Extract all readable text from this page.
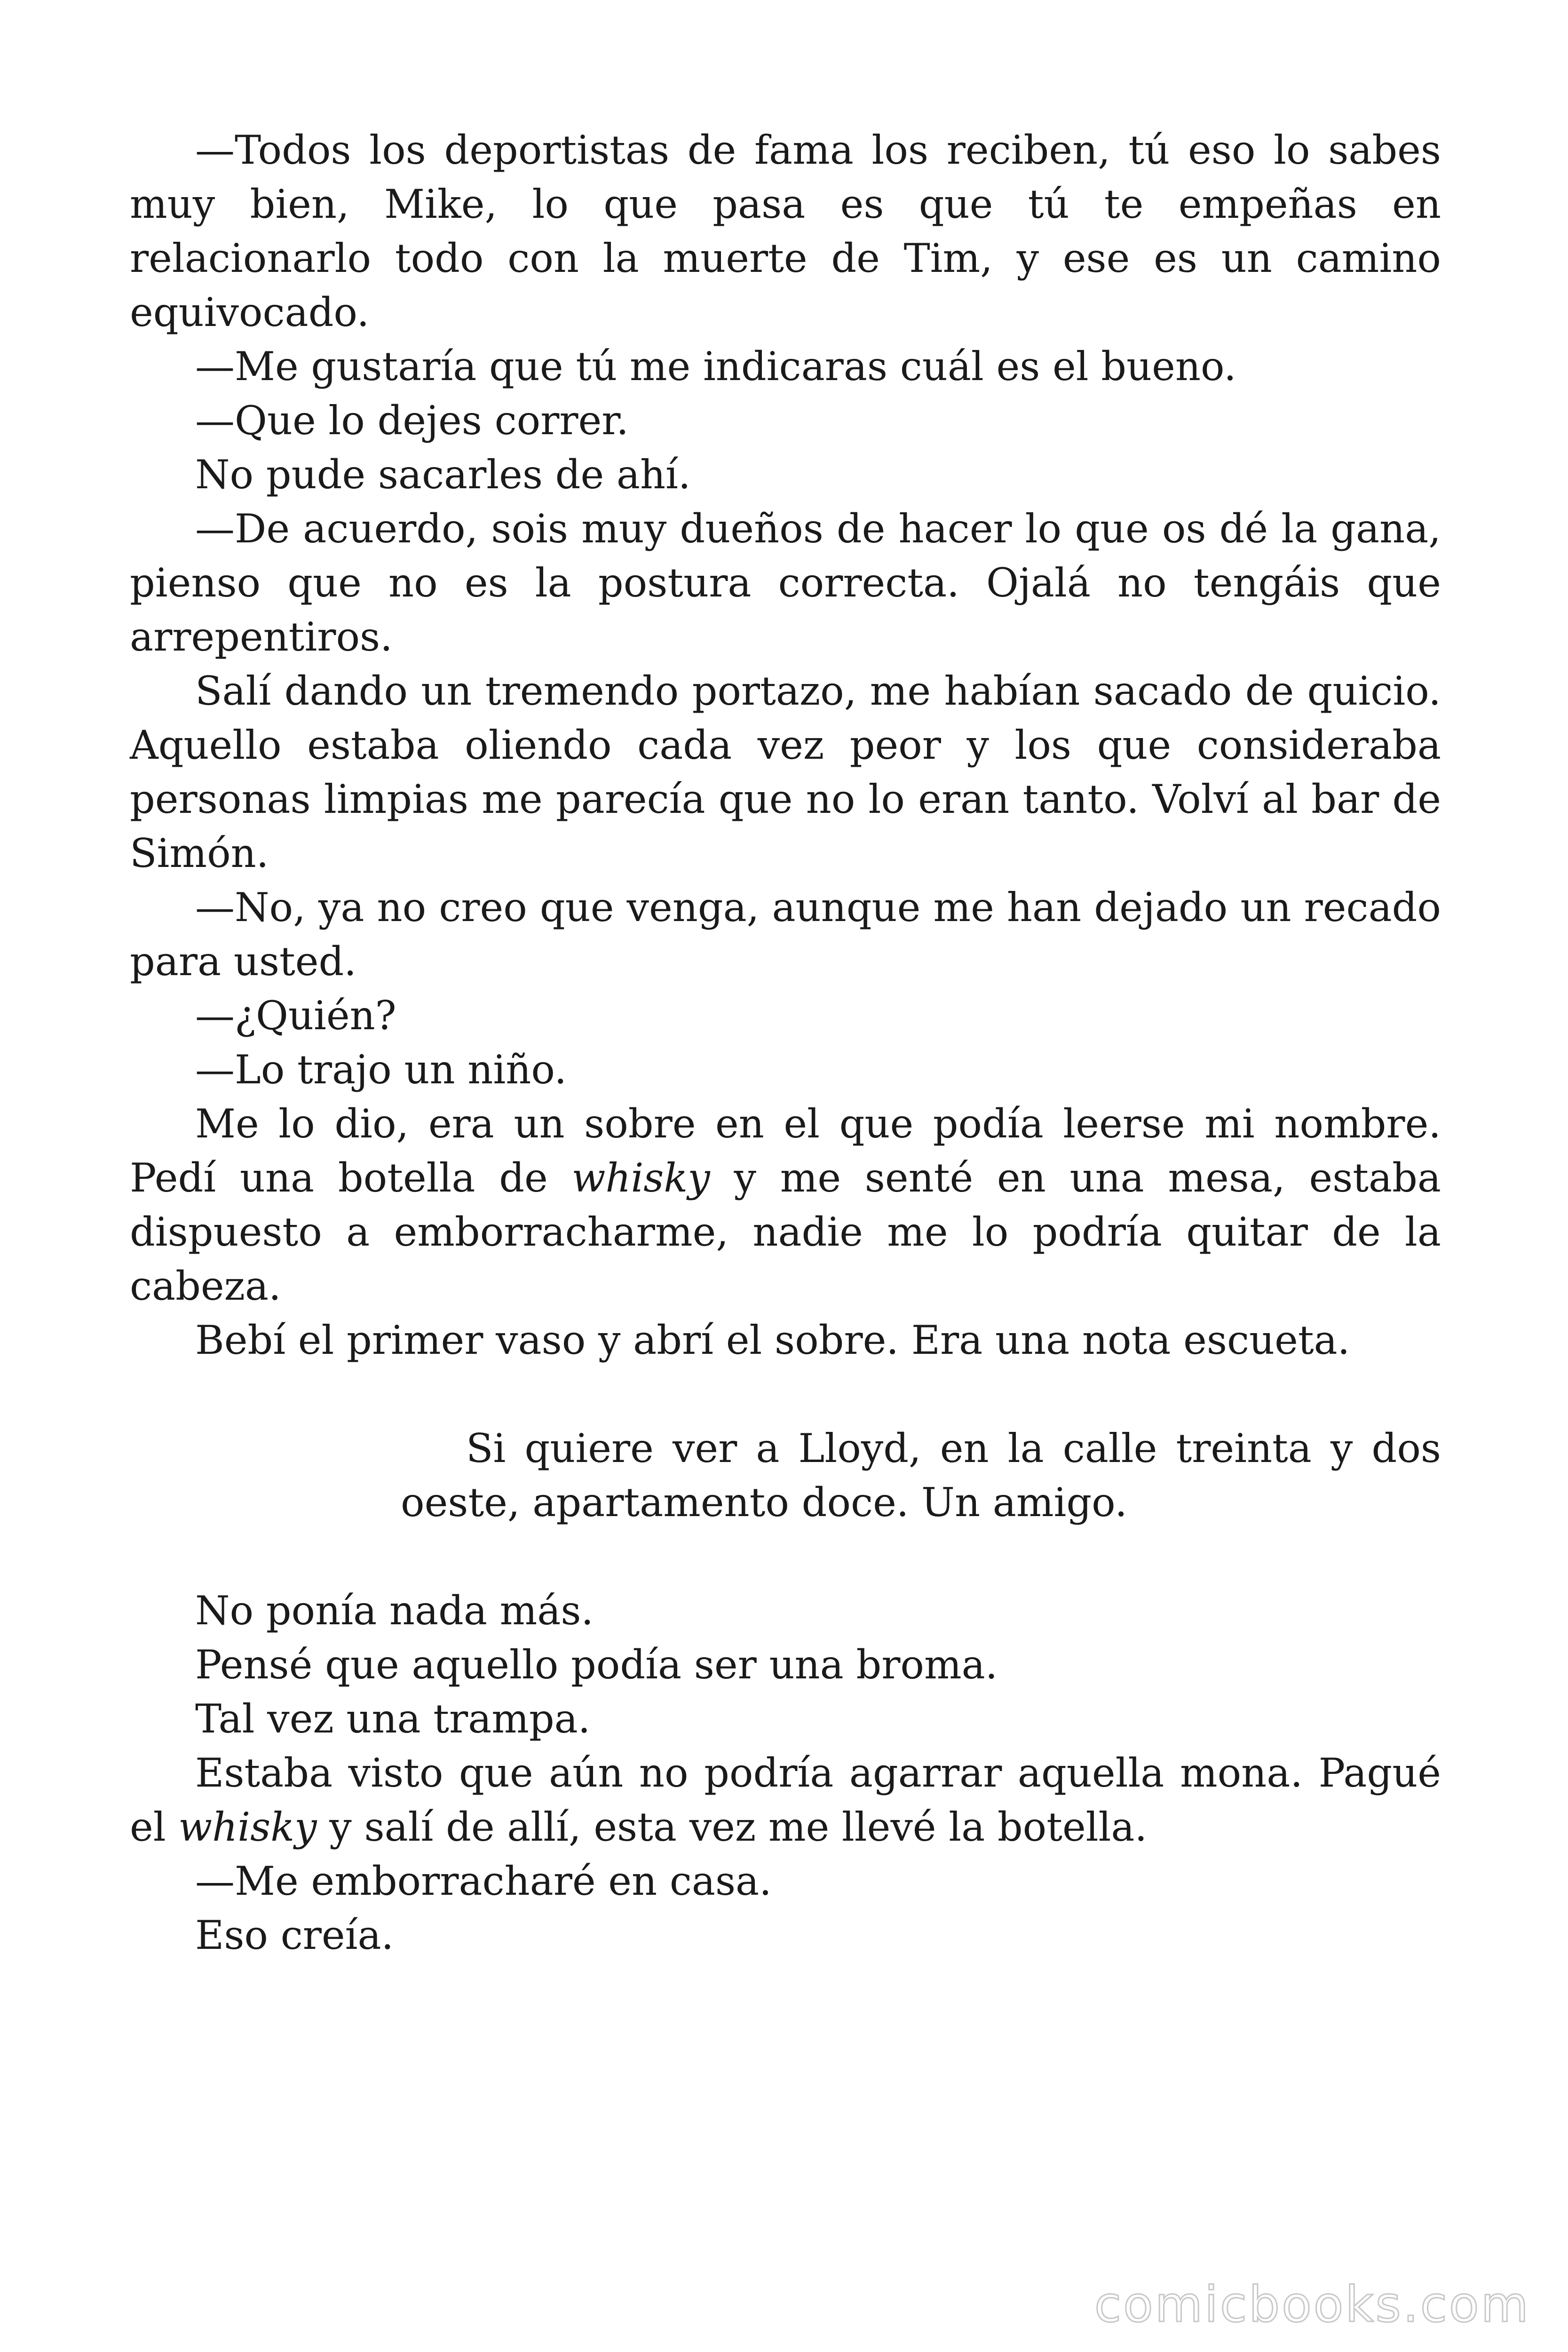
—Todos los deportistas de fama los reciben, tú eso lo sabes muy bien, Mike, lo que pasa es que tú te empeñas en relacionarlo todo con la muerte de Tim, y ese es un camino equivocado.

—Me gustaría que tú me indicaras cuál es el bueno.

—Que lo dejes correr.

No pude sacarles de ahí.

—De acuerdo, sois muy dueños de hacer lo que os dé la gana, pienso que no es la postura correcta. Ojalá no tengáis que arrepentiros.

Salí dando un tremendo portazo, me habían sacado de quicio. Aquello estaba oliendo cada vez peor y los que consideraba personas limpias me parecía que no lo eran tanto. Volví al bar de Simón.

—No, ya no creo que venga, aunque me han dejado un recado para usted.

—¿Quién?

—Lo trajo un niño.

Me lo dio, era un sobre en el que podía leerse mi nombre. Pedí una botella de whisky y me senté en una mesa, estaba dispuesto a emborracharme, nadie me lo podría quitar de la cabeza.

Bebí el primer vaso y abrí el sobre. Era una nota escueta.

Si quiere ver a Lloyd, en la calle treinta y dos oeste, apartamento doce. Un amigo.

No ponía nada más.

Pensé que aquello podía ser una broma.

Tal vez una trampa.

Estaba visto que aún no podría agarrar aquella mona. Pagué el whisky y salí de allí, esta vez me llevé la botella.

—Me emborracharé en casa.

Eso creía.

comicbooks.com
